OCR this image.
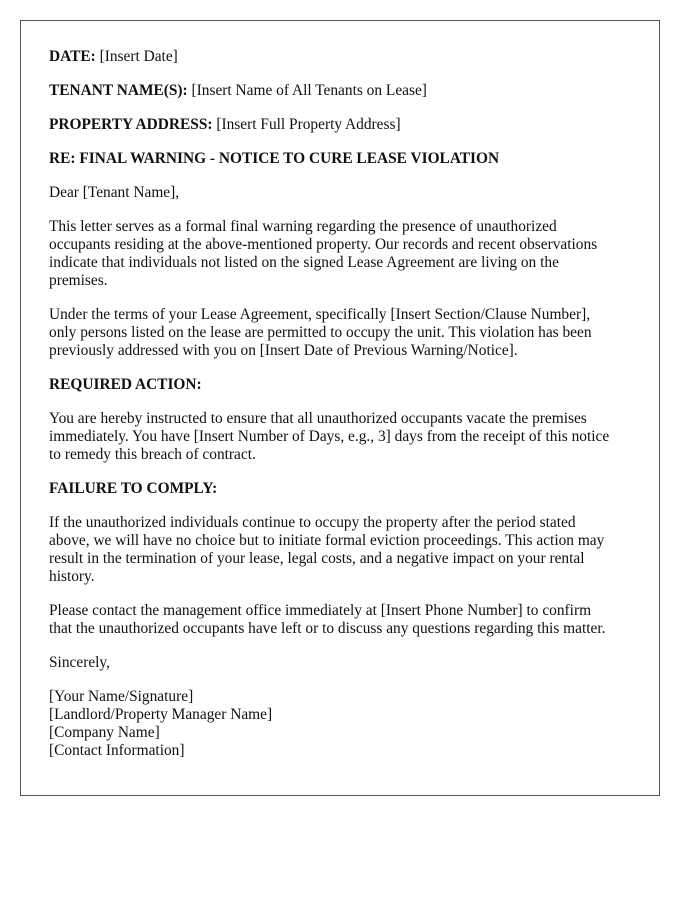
DATE: [Insert Date]
TENANT NAME(S): [Insert Name of All Tenants on Lease]
PROPERTY ADDRESS: [Insert Full Property Address]
RE: FINAL WARNING - NOTICE TO CURE LEASE VIOLATION
Dear [Tenant Name],
This letter serves as a formal final warning regarding the presence of unauthorized
occupants residing at the above-mentioned property. Our records and recent observations
indicate that individuals not listed on the signed Lease Agreement are living on the
premises.
Under the terms of your Lease Agreement, specifically [Insert Section/Clause Number],
only persons listed on the lease are permitted to occupy the unit. This violation has been
previously addressed with you on [Insert Date of Previous Warning/Notice].
REQUIRED ACTION:
You are hereby instructed to ensure that all unauthorized occupants vacate the premises
immediately. You have [Insert Number of Days, e.g., 3] days from the receipt of this notice
to remedy this breach of contract.
FAILURE TO COMPLY:
If the unauthorized individuals continue to occupy the property after the period stated
above, we will have no choice but to initiate formal eviction proceedings. This action may
result in the termination of your lease, legal costs, and a negative impact on your rental
history.
Please contact the management office immediately at [Insert Phone Number] to confirm
that the unauthorized occupants have left or to discuss any questions regarding this matter.
Sincerely,
[Your Name/Signature]
[Landlord/Property Manager Name]
[Company Name]
[Contact Information]
